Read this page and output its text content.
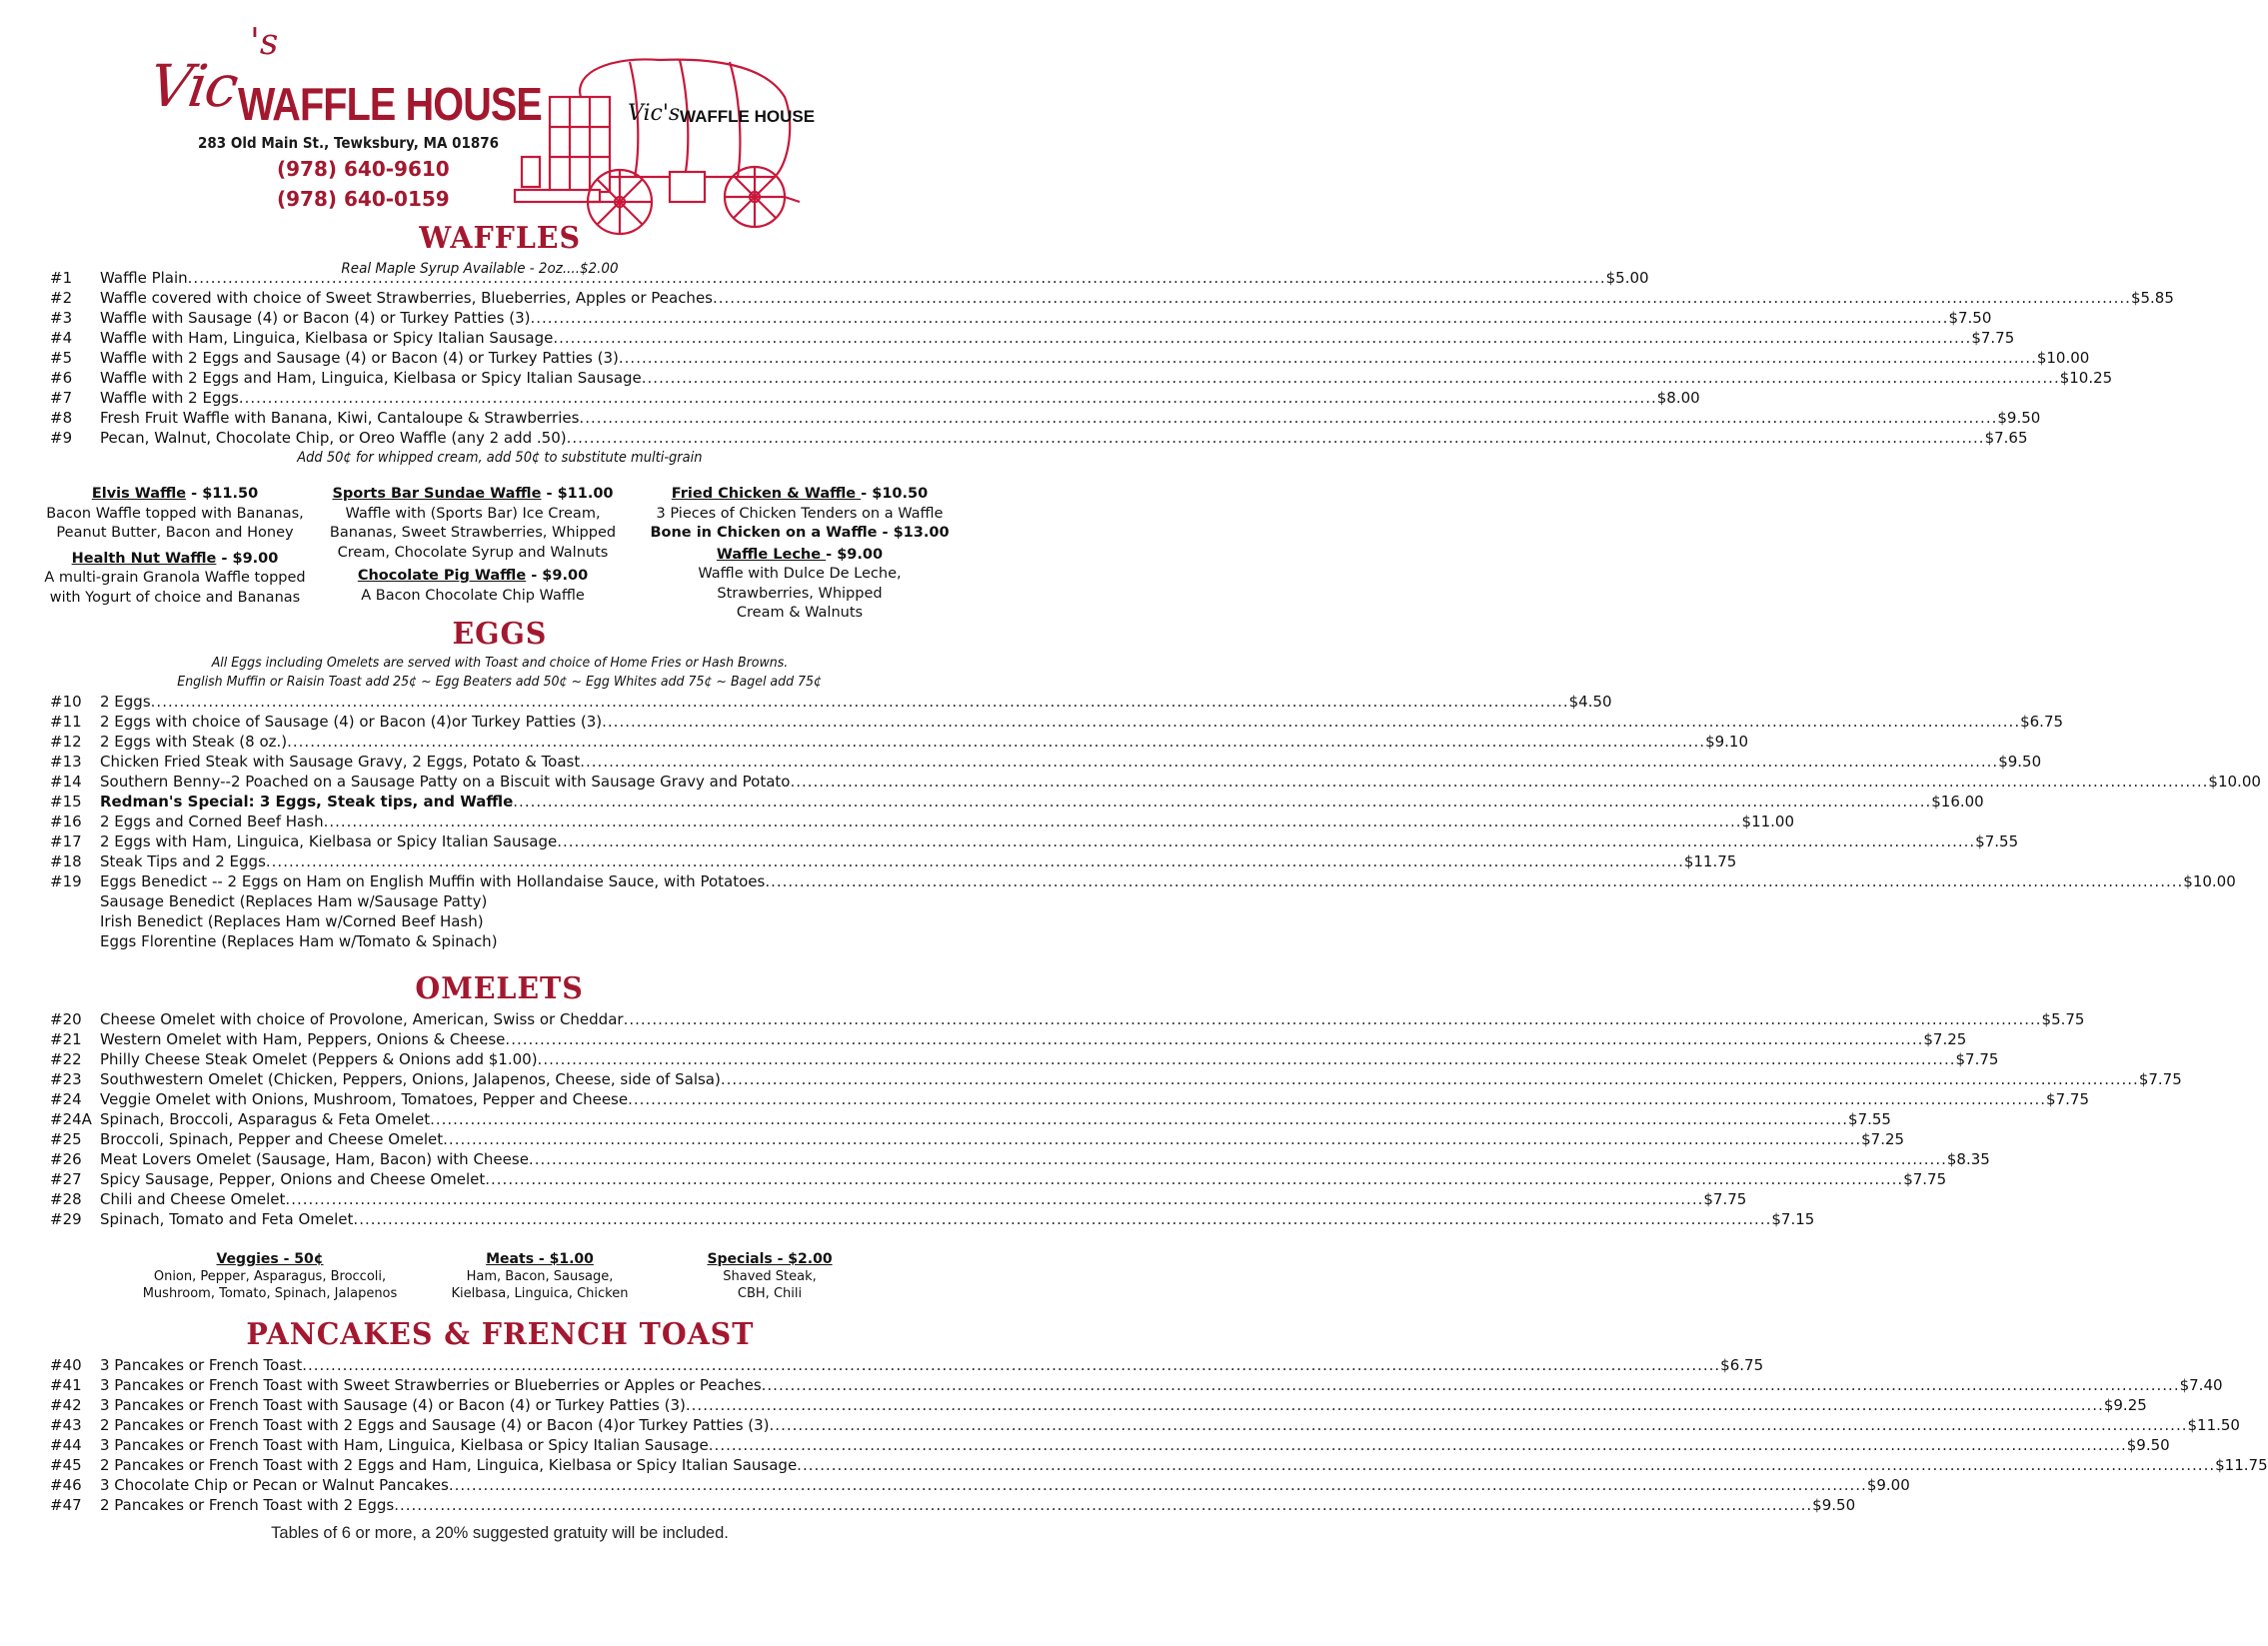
Vic
's
WAFFLE HOUSE
283 Old Main St., Tewksbury, MA 01876
(978) 640-9610
(978) 640-0159
Vic's WAFFLE HOUSE
WAFFLES
Real Maple Syrup Available - 2oz....$2.00
#1	Waffle Plain .....	$5.00
#2	Waffle covered with choice of Sweet Strawberries, Blueberries, Apples or Peaches .....	$5.85
#3	Waffle with Sausage (4) or Bacon (4) or Turkey Patties (3) .....	$7.50
#4	Waffle with Ham, Linguica, Kielbasa or Spicy Italian Sausage .....	$7.75
#5	Waffle with 2 Eggs and Sausage (4) or Bacon (4) or Turkey Patties (3) .....	$10.00
#6	Waffle with 2 Eggs and Ham, Linguica, Kielbasa or Spicy Italian Sausage .....	$10.25
#7	Waffle with 2 Eggs .....	$8.00
#8	Fresh Fruit Waffle with Banana, Kiwi, Cantaloupe & Strawberries .....	$9.50
#9	Pecan, Walnut, Chocolate Chip, or Oreo Waffle (any 2 add .50) .....	$7.65
Add 50¢ for whipped cream, add 50¢ to substitute multi-grain
Elvis Waffle - $11.50
Bacon Waffle topped with Bananas,
Peanut Butter, Bacon and Honey
Health Nut Waffle - $9.00
A multi-grain Granola Waffle topped
with Yogurt of choice and Bananas
Sports Bar Sundae Waffle - $11.00
Waffle with (Sports Bar) Ice Cream,
Bananas, Sweet Strawberries, Whipped
Cream, Chocolate Syrup and Walnuts
Chocolate Pig Waffle - $9.00
A Bacon Chocolate Chip Waffle
Fried Chicken & Waffle - $10.50
3 Pieces of Chicken Tenders on a Waffle
Bone in Chicken on a Waffle - $13.00
Waffle Leche - $9.00
Waffle with Dulce De Leche,
Strawberries, Whipped
Cream & Walnuts
EGGS
All Eggs including Omelets are served with Toast and choice of Home Fries or Hash Browns.
English Muffin or Raisin Toast add 25¢ ~ Egg Beaters add 50¢ ~ Egg Whites add 75¢ ~ Bagel add 75¢
#10	2 Eggs .....	$4.50
#11	2 Eggs with choice of Sausage (4) or Bacon (4)or Turkey Patties (3) .....	$6.75
#12	2 Eggs with Steak (8 oz.) .....	$9.10
#13	Chicken Fried Steak with Sausage Gravy, 2 Eggs, Potato & Toast .....	$9.50
#14	Southern Benny--2 Poached on a Sausage Patty on a Biscuit with Sausage Gravy and Potato .....	$10.00
#15	Redman's Special: 3 Eggs, Steak tips, and Waffle .....	$16.00
#16	2 Eggs and Corned Beef Hash .....	$11.00
#17	2 Eggs with Ham, Linguica, Kielbasa or Spicy Italian Sausage .....	$7.55
#18	Steak Tips and 2 Eggs .....	$11.75
#19	Eggs Benedict -- 2 Eggs on Ham on English Muffin with Hollandaise Sauce, with Potatoes .....	$10.00
Sausage Benedict (Replaces Ham w/Sausage Patty)
Irish Benedict (Replaces Ham w/Corned Beef Hash)
Eggs Florentine (Replaces Ham w/Tomato & Spinach)
OMELETS
#20	Cheese Omelet with choice of Provolone, American, Swiss or Cheddar .....	$5.75
#21	Western Omelet with Ham, Peppers, Onions & Cheese .....	$7.25
#22	Philly Cheese Steak Omelet (Peppers & Onions add $1.00) .....	$7.75
#23	Southwestern Omelet (Chicken, Peppers, Onions, Jalapenos, Cheese, side of Salsa) .....	$7.75
#24	Veggie Omelet with Onions, Mushroom, Tomatoes, Pepper and Cheese .....	$7.75
#24A Spinach, Broccoli, Asparagus & Feta Omelet .....	$7.55
#25	Broccoli, Spinach, Pepper and Cheese Omelet .....	$7.25
#26	Meat Lovers Omelet (Sausage, Ham, Bacon) with Cheese .....	$8.35
#27	Spicy Sausage, Pepper, Onions and Cheese Omelet .....	$7.75
#28	Chili and Cheese Omelet .....	$7.75
#29	Spinach, Tomato and Feta Omelet .....	$7.15
Veggies - 50¢
Onion, Pepper, Asparagus, Broccoli,
Mushroom, Tomato, Spinach, Jalapenos
Meats - $1.00
Ham, Bacon, Sausage,
Kielbasa, Linguica, Chicken
Specials - $2.00
Shaved Steak,
CBH, Chili
PANCAKES & FRENCH TOAST
#40	3 Pancakes or French Toast .....	$6.75
#41	3 Pancakes or French Toast with Sweet Strawberries or Blueberries or Apples or Peaches .....	$7.40
#42	3 Pancakes or French Toast with Sausage (4) or Bacon (4) or Turkey Patties (3) .....	$9.25
#43	2 Pancakes or French Toast with 2 Eggs and Sausage (4) or Bacon (4)or Turkey Patties (3) .....	$11.50
#44	3 Pancakes or French Toast with Ham, Linguica, Kielbasa or Spicy Italian Sausage .....	$9.50
#45	2 Pancakes or French Toast with 2 Eggs and Ham, Linguica, Kielbasa or Spicy Italian Sausage .....	$11.75
#46	3 Chocolate Chip or Pecan or Walnut Pancakes .....	$9.00
#47	2 Pancakes or French Toast with 2 Eggs .....	$9.50
Tables of 6 or more, a 20% suggested gratuity will be included.
